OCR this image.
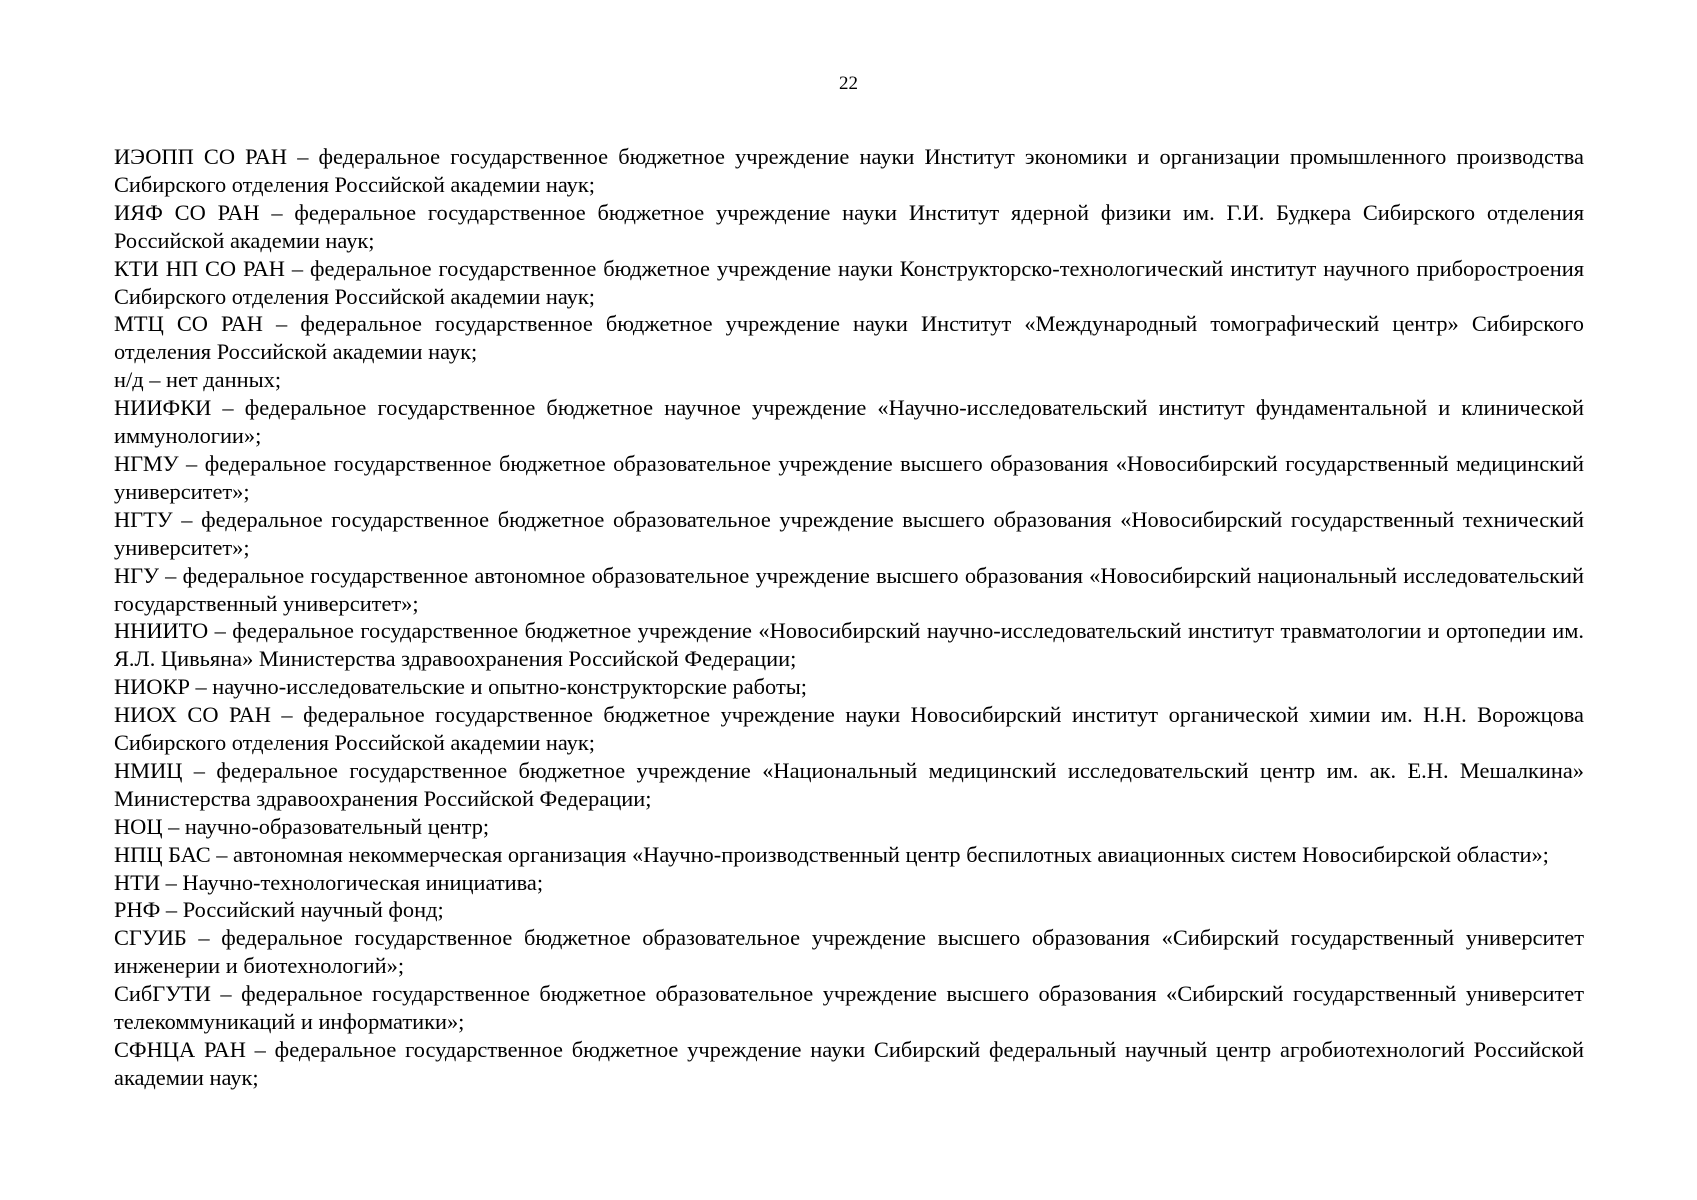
22

ИЭОПП СО РАН – федеральное государственное бюджетное учреждение науки Институт экономики и организации промышленного производства Сибирского отделения Российской академии наук;

ИЯФ СО РАН – федеральное государственное бюджетное учреждение науки Институт ядерной физики им. Г.И. Будкера Сибирского отделения Российской академии наук;

КТИ НП СО РАН – федеральное государственное бюджетное учреждение науки Конструкторско-технологический институт научного приборостроения Сибирского отделения Российской академии наук;

МТЦ СО РАН – федеральное государственное бюджетное учреждение науки Институт «Международный томографический центр» Сибирского отделения Российской академии наук;

н/д – нет данных;

НИИФКИ – федеральное государственное бюджетное научное учреждение «Научно-исследовательский институт фундаментальной и клинической иммунологии»;

НГМУ – федеральное государственное бюджетное образовательное учреждение высшего образования «Новосибирский государственный медицинский университет»;

НГТУ – федеральное государственное бюджетное образовательное учреждение высшего образования «Новосибирский государственный технический университет»;

НГУ – федеральное государственное автономное образовательное учреждение высшего образования «Новосибирский национальный исследовательский государственный университет»;

ННИИТО – федеральное государственное бюджетное учреждение «Новосибирский научно-исследовательский институт травматологии и ортопедии им. Я.Л. Цивьяна» Министерства здравоохранения Российской Федерации;

НИОКР – научно-исследовательские и опытно-конструкторские работы;

НИОХ СО РАН – федеральное государственное бюджетное учреждение науки Новосибирский институт органической химии им. Н.Н. Ворожцова Сибирского отделения Российской академии наук;

НМИЦ – федеральное государственное бюджетное учреждение «Национальный медицинский исследовательский центр им. ак. Е.Н. Мешалкина» Министерства здравоохранения Российской Федерации;

НОЦ – научно-образовательный центр;

НПЦ БАС – автономная некоммерческая организация «Научно-производственный центр беспилотных авиационных систем Новосибирской области»;

НТИ – Научно-технологическая инициатива;

РНФ – Российский научный фонд;

СГУИБ – федеральное государственное бюджетное образовательное учреждение высшего образования «Сибирский государственный университет инженерии и биотехнологий»;

СибГУТИ – федеральное государственное бюджетное образовательное учреждение высшего образования «Сибирский государственный университет телекоммуникаций и информатики»;

СФНЦА РАН – федеральное государственное бюджетное учреждение науки Сибирский федеральный научный центр агробиотехнологий Российской академии наук;
